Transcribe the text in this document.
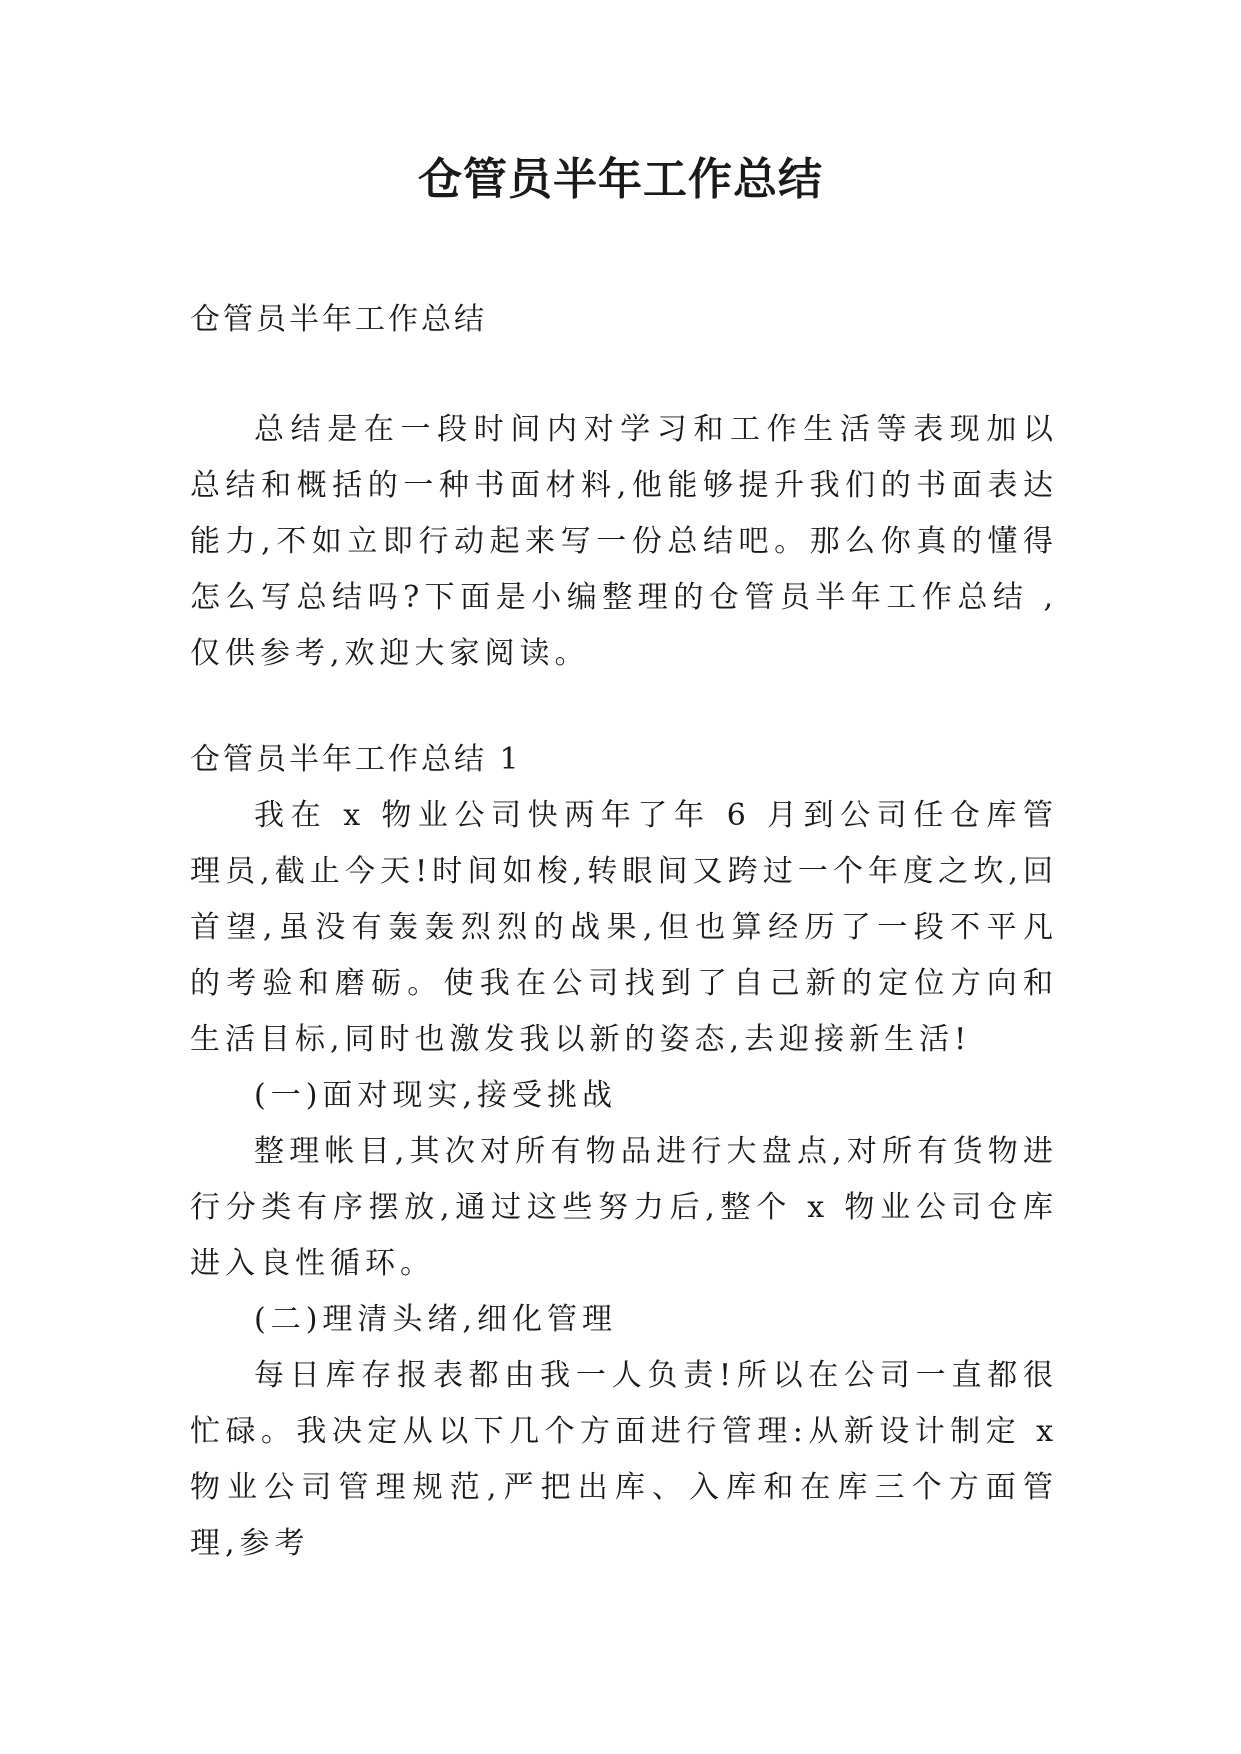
仓管员半年工作总结

仓管员半年工作总结

总结是在一段时间内对学习和工作生活等表现加以总结和概括的一种书面材料,他能够提升我们的书面表达能力,不如立即行动起来写一份总结吧。那么你真的懂得怎么写总结吗?下面是小编整理的仓管员半年工作总结 ,仅供参考,欢迎大家阅读。

仓管员半年工作总结 1

我在 x 物业公司快两年了年 6 月到公司任仓库管理员,截止今天!时间如梭,转眼间又跨过一个年度之坎,回首望,虽没有轰轰烈烈的战果,但也算经历了一段不平凡的考验和磨砺。使我在公司找到了自己新的定位方向和生活目标,同时也激发我以新的姿态,去迎接新生活!

(一)面对现实,接受挑战

整理帐目,其次对所有物品进行大盘点,对所有货物进行分类有序摆放,通过这些努力后,整个 x 物业公司仓库进入良性循环。

(二)理清头绪,细化管理

每日库存报表都由我一人负责!所以在公司一直都很忙碌。我决定从以下几个方面进行管理:从新设计制定 x 物业公司管理规范,严把出库、入库和在库三个方面管理,参考
